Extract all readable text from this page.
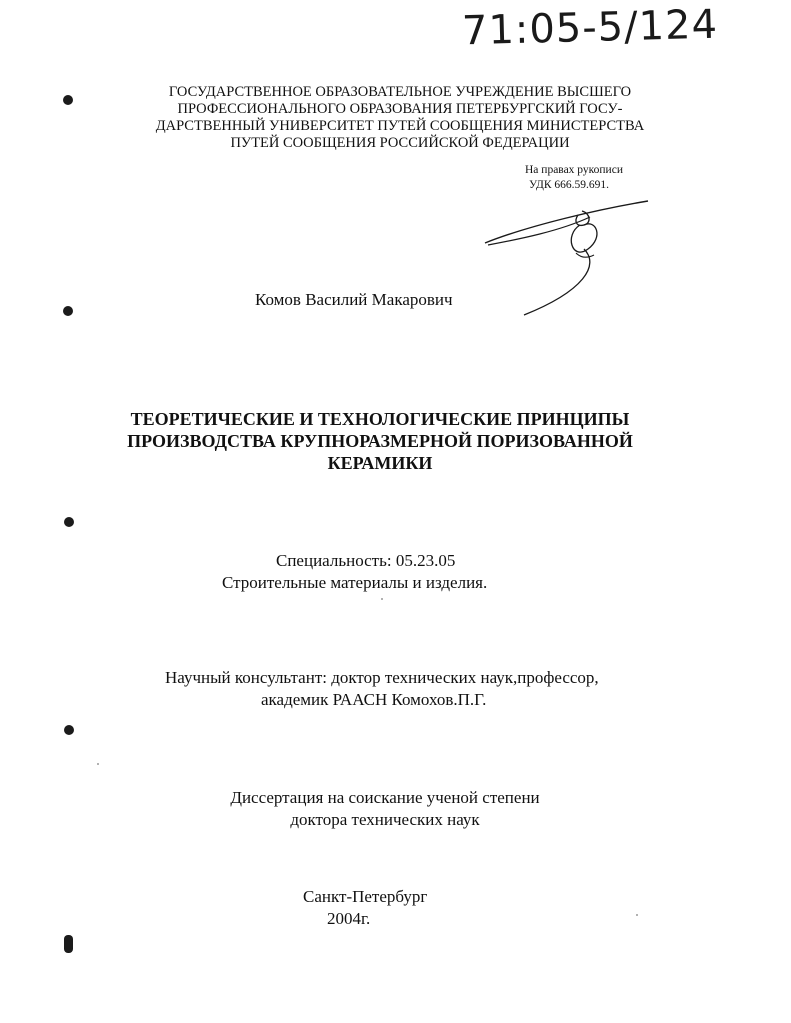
71:05-5/124
ГОСУДАРСТВЕННОЕ ОБРАЗОВАТЕЛЬНОЕ УЧРЕЖДЕНИЕ ВЫСШЕГО
ПРОФЕССИОНАЛЬНОГО ОБРАЗОВАНИЯ ПЕТЕРБУРГСКИЙ ГОСУ-
ДАРСТВЕННЫЙ УНИВЕРСИТЕТ ПУТЕЙ СООБЩЕНИЯ МИНИСТЕРСТВА
ПУТЕЙ СООБЩЕНИЯ РОССИЙСКОЙ ФЕДЕРАЦИИ
На правах рукописи
УДК 666.59.691.
Комов Василий Макарович
ТЕОРЕТИЧЕСКИЕ И ТЕХНОЛОГИЧЕСКИЕ ПРИНЦИПЫ
ПРОИЗВОДСТВА КРУПНОРАЗМЕРНОЙ ПОРИЗОВАННОЙ
КЕРАМИКИ
Специальность: 05.23.05
Строительные материалы и изделия.
Научный консультант: доктор технических наук,профессор,
академик РААСН Комохов.П.Г.
Диссертация на соискание ученой степени
доктора технических наук
Санкт-Петербург
2004г.
